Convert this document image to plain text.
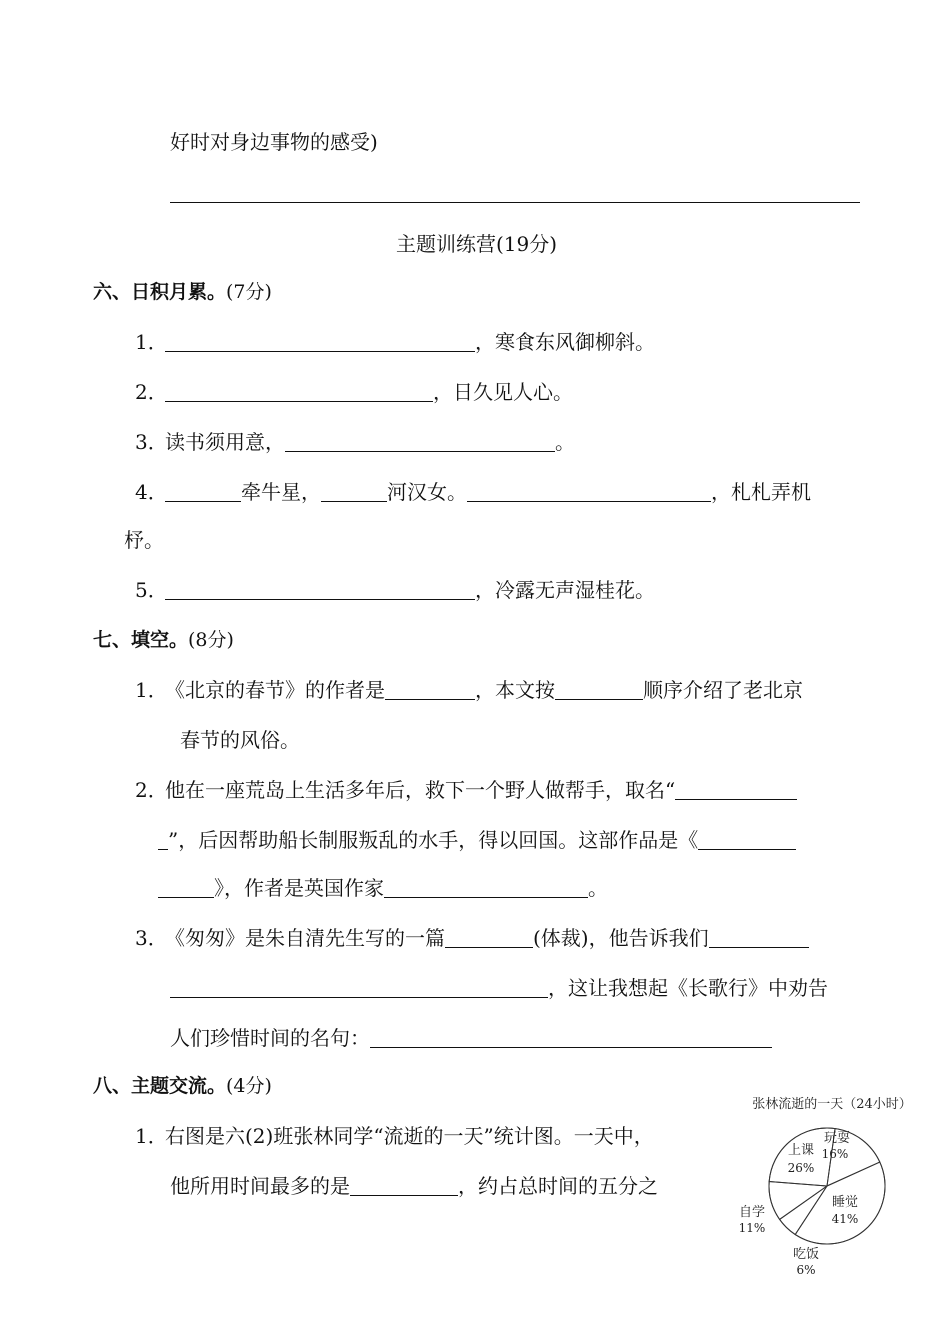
好时对身边事物的感受)
主题训练营(19分)
六、日积月累。(7分)
1．	，寒食东风御柳斜。
2．	，日久见人心。
3．读书须用意，	。
4．	牵牛星，	河汉女。	，札札弄机
杼。
5．	，冷露无声湿桂花。
七、填空。(8分)
1．《北京的春节》的作者是	，本文按	顺序介绍了老北京
春节的风俗。
2．他在一座荒岛上生活多年后，救下一个野人做帮手，取名“
”，后因帮助船长制服叛乱的水手，得以回国。这部作品是《
》，作者是英国作家	。
3．《匆匆》是朱自清先生写的一篇	(体裁)，他告诉我们
，这让我想起《长歌行》中劝告
人们珍惜时间的名句：
八、主题交流。(4分)
1．右图是六(2)班张林同学“流逝的一天”统计图。一天中，
他所用时间最多的是	，约占总时间的五分之
张林流逝的一天（24小时）
上课
26%
玩耍
16%
睡觉
41%
吃饭
6%
自学
11%
